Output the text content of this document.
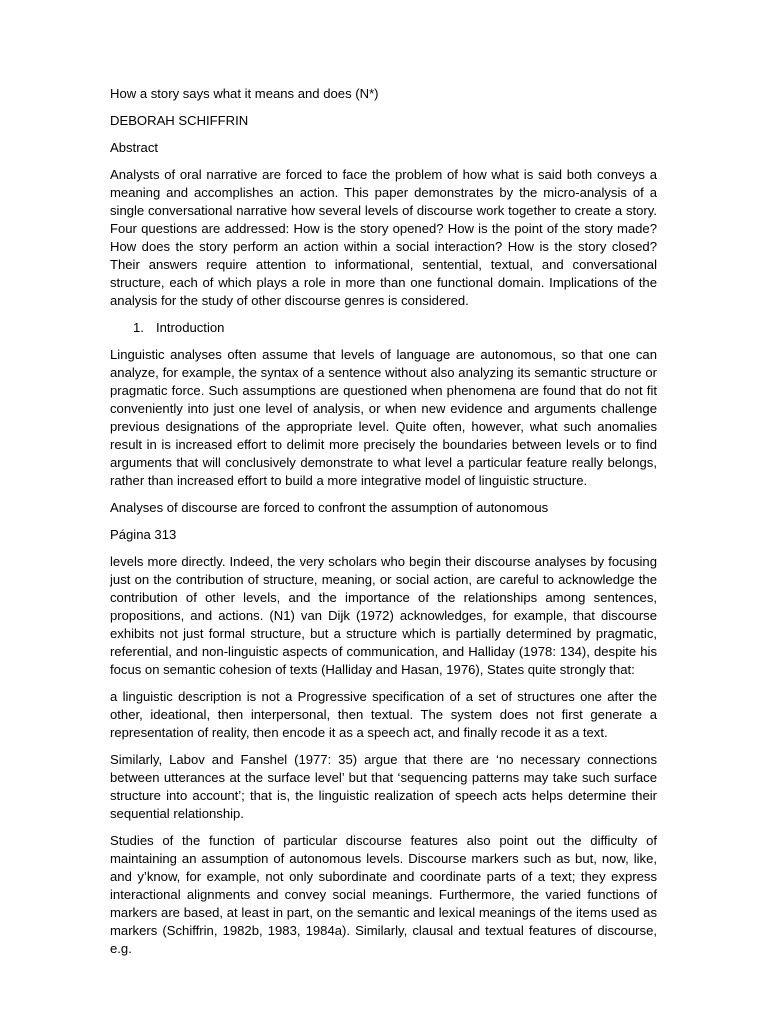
How a story says what it means and does (N*)

DEBORAH SCHIFFRIN

Abstract

Analysts of oral narrative are forced to face the problem of how what is said both conveys a meaning and accomplishes an action. This paper demonstrates by the micro-analysis of a single conversational narrative how several levels of discourse work together to create a story. Four questions are addressed: How is the story opened? How is the point of the story made? How does the story perform an action within a social interaction? How is the story closed? Their answers require attention to informational, sentential, textual, and conversational structure, each of which plays a role in more than one functional domain. Implications of the analysis for the study of other discourse genres is considered.

1. Introduction

Linguistic analyses often assume that levels of language are autonomous, so that one can analyze, for example, the syntax of a sentence without also analyzing its semantic structure or pragmatic force. Such assumptions are questioned when phenomena are found that do not fit conveniently into just one level of analysis, or when new evidence and arguments challenge previous designations of the appropriate level. Quite often, however, what such anomalies result in is increased effort to delimit more precisely the boundaries between levels or to find arguments that will conclusively demonstrate to what level a particular feature really belongs, rather than increased effort to build a more integrative model of linguistic structure.

Analyses of discourse are forced to confront the assumption of autonomous

Página 313

levels more directly. Indeed, the very scholars who begin their discourse analyses by focusing just on the contribution of structure, meaning, or social action, are careful to acknowledge the contribution of other levels, and the importance of the relationships among sentences, propositions, and actions. (N1) van Dijk (1972) acknowledges, for example, that discourse exhibits not just formal structure, but a structure which is partially determined by pragmatic, referential, and non-linguistic aspects of communication, and Halliday (1978: 134), despite his focus on semantic cohesion of texts (Halliday and Hasan, 1976), States quite strongly that:

a linguistic description is not a Progressive specification of a set of structures one after the other, ideational, then interpersonal, then textual. The system does not first generate a representation of reality, then encode it as a speech act, and finally recode it as a text.

Similarly, Labov and Fanshel (1977: 35) argue that there are ‘no necessary connections between utterances at the surface level’ but that ‘sequencing patterns may take such surface structure into account’; that is, the linguistic realization of speech acts helps determine their sequential relationship.

Studies of the function of particular discourse features also point out the difficulty of maintaining an assumption of autonomous levels. Discourse markers such as but, now, like, and y’know, for example, not only subordinate and coordinate parts of a text; they express interactional alignments and convey social meanings. Furthermore, the varied functions of markers are based, at least in part, on the semantic and lexical meanings of the items used as markers (Schiffrin, 1982b, 1983, 1984a). Similarly, clausal and textual features of discourse, e.g.
